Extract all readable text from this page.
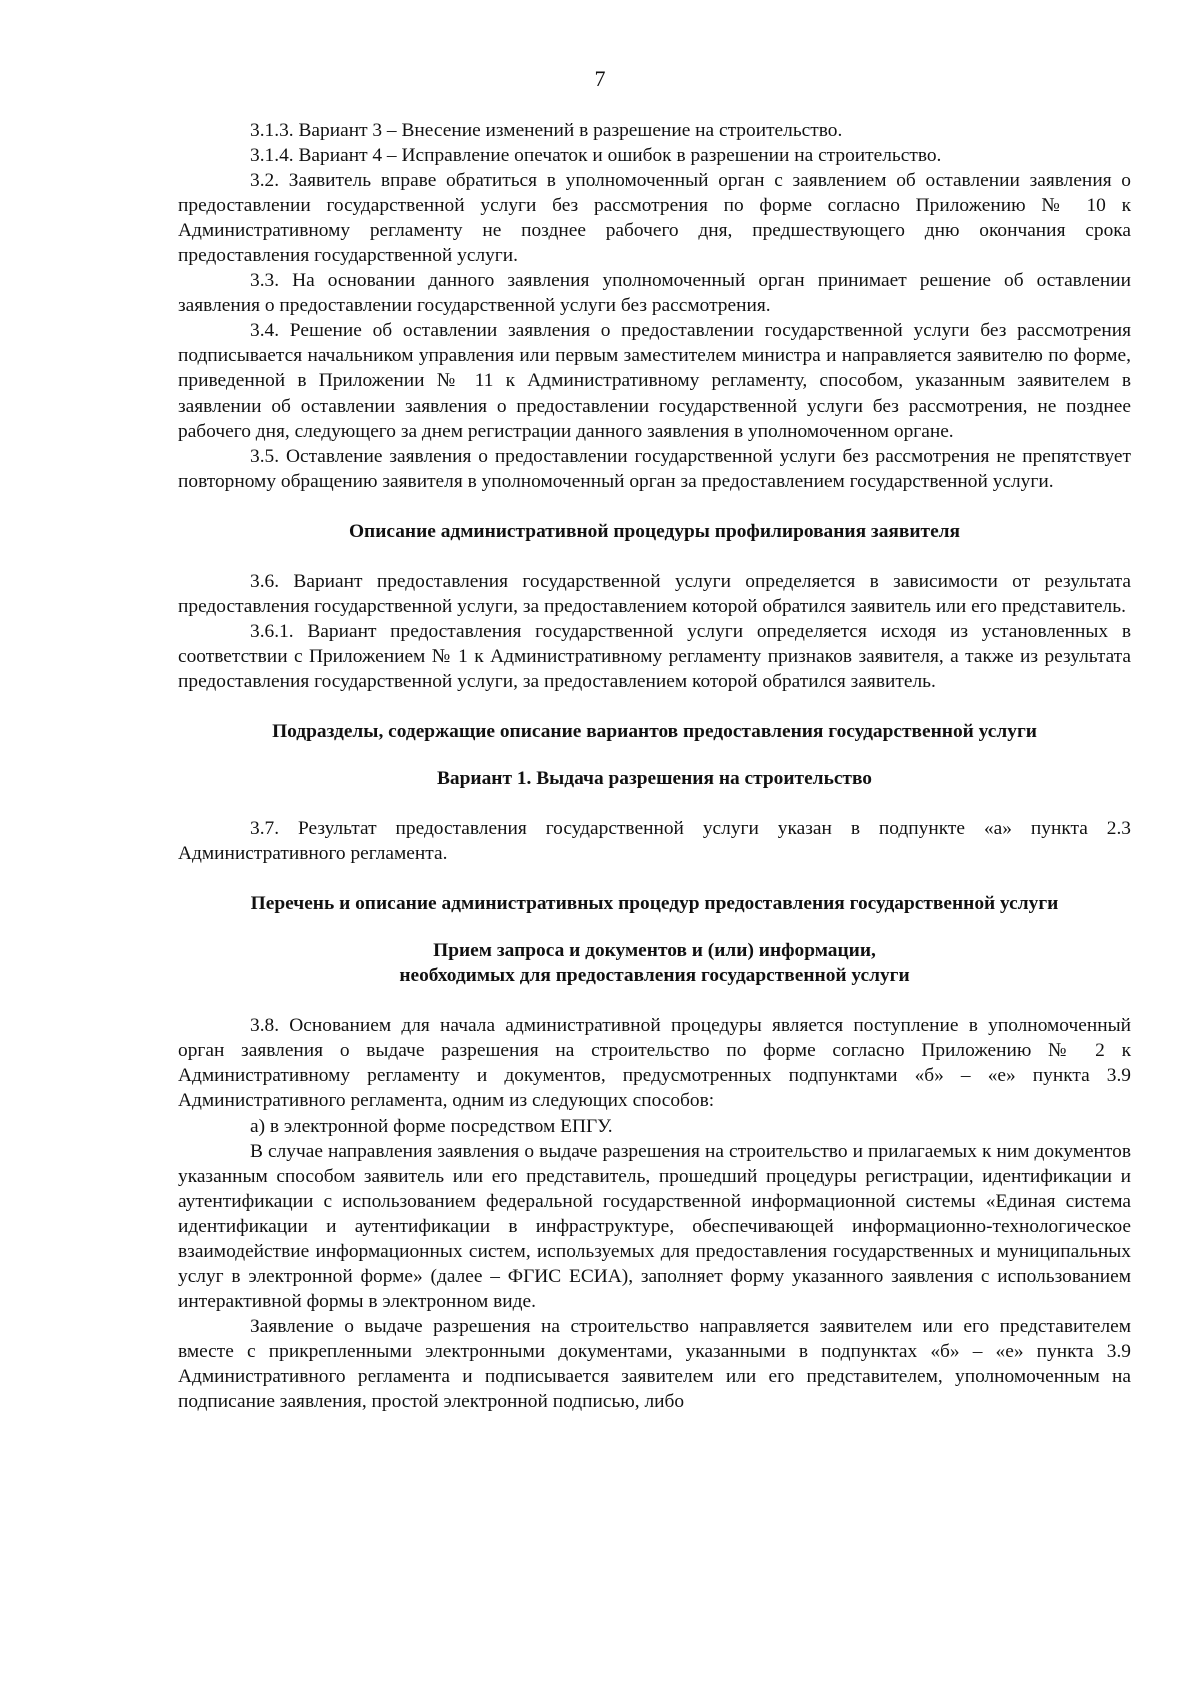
7

3.1.3. Вариант 3 – Внесение изменений в разрешение на строительство.

3.1.4. Вариант 4 – Исправление опечаток и ошибок в разрешении на строительство.

3.2. Заявитель вправе обратиться в уполномоченный орган с заявлением об оставлении заявления о предоставлении государственной услуги без рассмотрения по форме согласно Приложению № 10 к Административному регламенту не позднее рабочего дня, предшествующего дню окончания срока предоставления государственной услуги.

3.3. На основании данного заявления уполномоченный орган принимает решение об оставлении заявления о предоставлении государственной услуги без рассмотрения.

3.4. Решение об оставлении заявления о предоставлении государственной услуги без рассмотрения подписывается начальником управления или первым заместителем министра и направляется заявителю по форме, приведенной в Приложении № 11 к Административному регламенту, способом, указанным заявителем в заявлении об оставлении заявления о предоставлении государственной услуги без рассмотрения, не позднее рабочего дня, следующего за днем регистрации данного заявления в уполномоченном органе.

3.5. Оставление заявления о предоставлении государственной услуги без рассмотрения не препятствует повторному обращению заявителя в уполномоченный орган за предоставлением государственной услуги.

Описание административной процедуры профилирования заявителя

3.6. Вариант предоставления государственной услуги определяется в зависимости от результата предоставления государственной услуги, за предоставлением которой обратился заявитель или его представитель.

3.6.1. Вариант предоставления государственной услуги определяется исходя из установленных в соответствии с Приложением № 1 к Административному регламенту признаков заявителя, а также из результата предоставления государственной услуги, за предоставлением которой обратился заявитель.

Подразделы, содержащие описание вариантов предоставления государственной услуги

Вариант 1. Выдача разрешения на строительство

3.7. Результат предоставления государственной услуги указан в подпункте «а» пункта 2.3 Административного регламента.

Перечень и описание административных процедур предоставления государственной услуги

Прием запроса и документов и (или) информации,
необходимых для предоставления государственной услуги

3.8. Основанием для начала административной процедуры является поступление в уполномоченный орган заявления о выдаче разрешения на строительство по форме согласно Приложению № 2 к Административному регламенту и документов, предусмотренных подпунктами «б» – «е» пункта 3.9 Административного регламента, одним из следующих способов:

а) в электронной форме посредством ЕПГУ.

В случае направления заявления о выдаче разрешения на строительство и прилагаемых к ним документов указанным способом заявитель или его представитель, прошедший процедуры регистрации, идентификации и аутентификации с использованием федеральной государственной информационной системы «Единая система идентификации и аутентификации в инфраструктуре, обеспечивающей информационно-технологическое взаимодействие информационных систем, используемых для предоставления государственных и муниципальных услуг в электронной форме» (далее – ФГИС ЕСИА), заполняет форму указанного заявления с использованием интерактивной формы в электронном виде.

Заявление о выдаче разрешения на строительство направляется заявителем или его представителем вместе с прикрепленными электронными документами, указанными в подпунктах «б» – «е» пункта 3.9 Административного регламента и подписывается заявителем или его представителем, уполномоченным на подписание заявления, простой электронной подписью, либо
